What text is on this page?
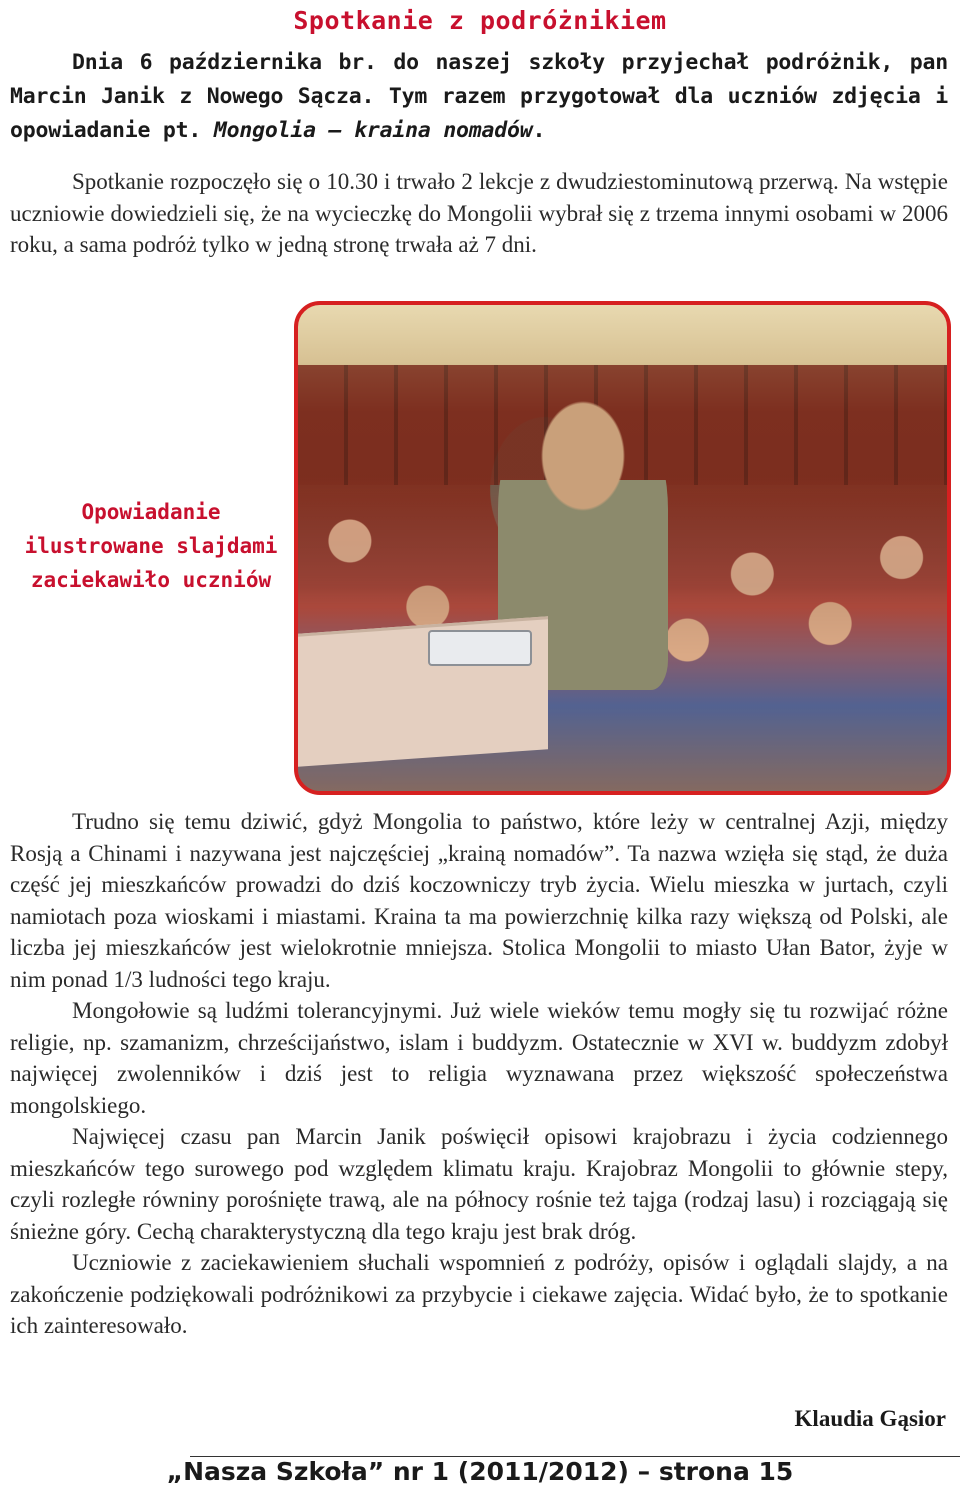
Spotkanie z podróżnikiem
Dnia 6 października br. do naszej szkoły przyjechał podróżnik, pan Marcin Janik z Nowego Sącza. Tym razem przygotował dla uczniów zdjęcia i opowiadanie pt. Mongolia – kraina nomadów.

Spotkanie rozpoczęło się o 10.30 i trwało 2 lekcje z dwudziestominutową przerwą. Na wstępie uczniowie dowiedzieli się, że na wycieczkę do Mongolii wybrał się z trzema innymi osobami w 2006 roku, a sama podróż tylko w jedną stronę trwała aż 7 dni.

Opowiadanie ilustrowane slajdami zaciekawiło uczniów

Trudno się temu dziwić, gdyż Mongolia to państwo, które leży w centralnej Azji, między Rosją a Chinami i nazywana jest najczęściej „krainą nomadów”. Ta nazwa wzięła się stąd, że duża część jej mieszkańców prowadzi do dziś koczowniczy tryb życia. Wielu mieszka w jurtach, czyli namiotach poza wioskami i miastami. Kraina ta ma powierzchnię kilka razy większą od Polski, ale liczba jej mieszkańców jest wielokrotnie mniejsza. Stolica Mongolii to miasto Ułan Bator, żyje w nim ponad 1/3 ludności tego kraju.

Mongołowie są ludźmi tolerancyjnymi. Już wiele wieków temu mogły się tu rozwijać różne religie, np. szamanizm, chrześcijaństwo, islam i buddyzm. Ostatecznie w XVI w. buddyzm zdobył najwięcej zwolenników i dziś jest to religia wyznawana przez większość społeczeństwa mongolskiego.

Najwięcej czasu pan Marcin Janik poświęcił opisowi krajobrazu i życia codziennego mieszkańców tego surowego pod względem klimatu kraju. Krajobraz Mongolii to głównie stepy, czyli rozległe równiny porośnięte trawą, ale na północy rośnie też tajga (rodzaj lasu) i rozciągają się śnieżne góry. Cechą charakterystyczną dla tego kraju jest brak dróg.

Uczniowie z zaciekawieniem słuchali wspomnień z podróży, opisów i oglądali slajdy, a na zakończenie podziękowali podróżnikowi za przybycie i ciekawe zajęcia. Widać było, że to spotkanie ich zainteresowało.

Klaudia Gąsior
„Nasza Szkoła” nr 1 (2011/2012) – strona 15
